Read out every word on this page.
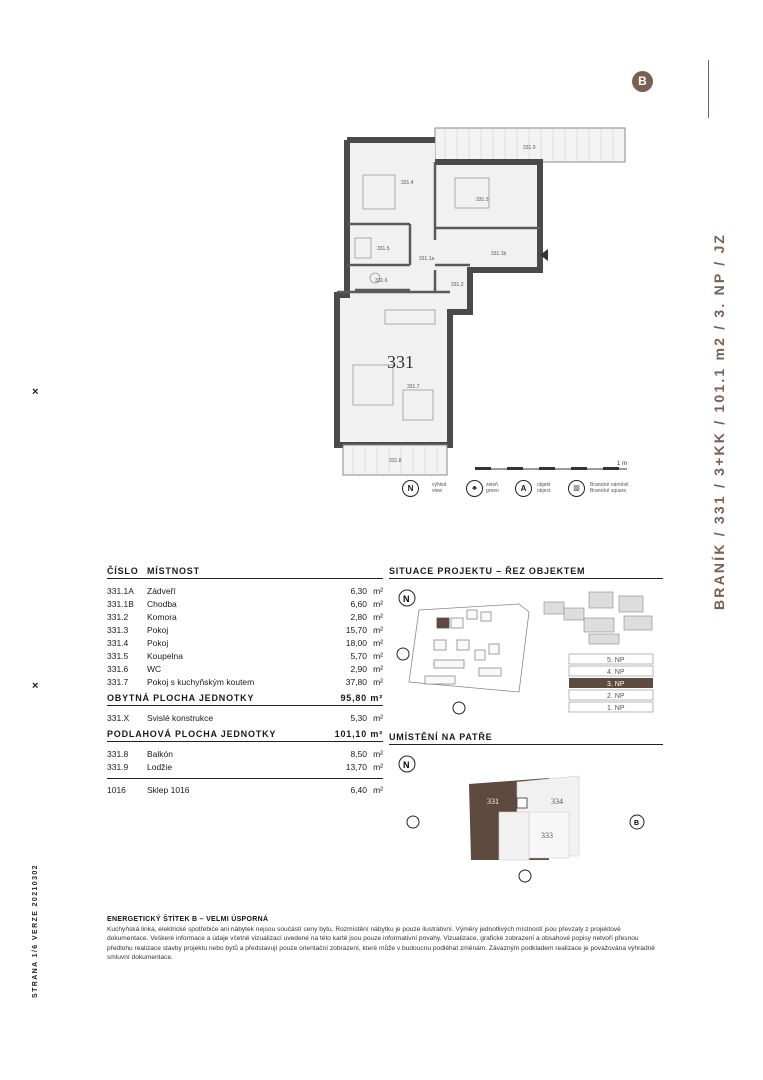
B
BRANÍK / 331 / 3+KK / 101.1 m2 / 3. NP / JZ
×
×
STRANA 1/6 VERZE 20210302
331.9
331.4
331.3
331.5
331.1b
331.1a
331.6
331.2
331.7
331.8
331
1 m
N	výhled
view	♣	zeleň
green	A	objekt
object	▥	Branické náměstí
Branické square
ČÍSLO MÍSTNOST
331.1A	Zádveří	6,30 m²
331.1B	Chodba	6,60 m²
331.2	Komora	2,80 m²
331.3	Pokoj	15,70 m²
331.4	Pokoj	18,00 m²
331.5	Koupelna	5,70 m²
331.6	WC	2,90 m²
331.7	Pokoj s kuchyňským koutem	37,80 m²
OBYTNÁ PLOCHA JEDNOTKY	95,80 m²
331.X	Svislé konstrukce	5,30 m²
PODLAHOVÁ PLOCHA JEDNOTKY	101,10 m²
331.8	Balkón	8,50 m²
331.9	Lodžie	13,70 m²
1016	Sklep 1016	6,40 m²
SITUACE PROJEKTU – ŘEZ OBJEKTEM
N
5. NP
4. NP
3. NP
2. NP
1. NP
UMÍSTĚNÍ NA PATŘE
N
331	334
333
B
ENERGETICKÝ ŠTÍTEK B – VELMI ÚSPORNÁ
Kuchyňská linka, elektrické spotřebiče ani nábytek nejsou součástí ceny bytu. Rozmístění nábytku je pouze ilustrativní. Výměry jednotlivých místností jsou převzaty z projektové dokumentace. Veškeré informace a údaje včetně vizualizací uvedené na této kartě jsou pouze informativní povahy. Vizualizace, grafické zobrazení a obsahové popisy netvoří přesnou předlohu realizace stavby projektu nebo bytů a představují pouze orientační zobrazení, které může v budoucnu podléhat změnám. Závazným podkladem realizace je považována výhradně smluvní dokumentace.
